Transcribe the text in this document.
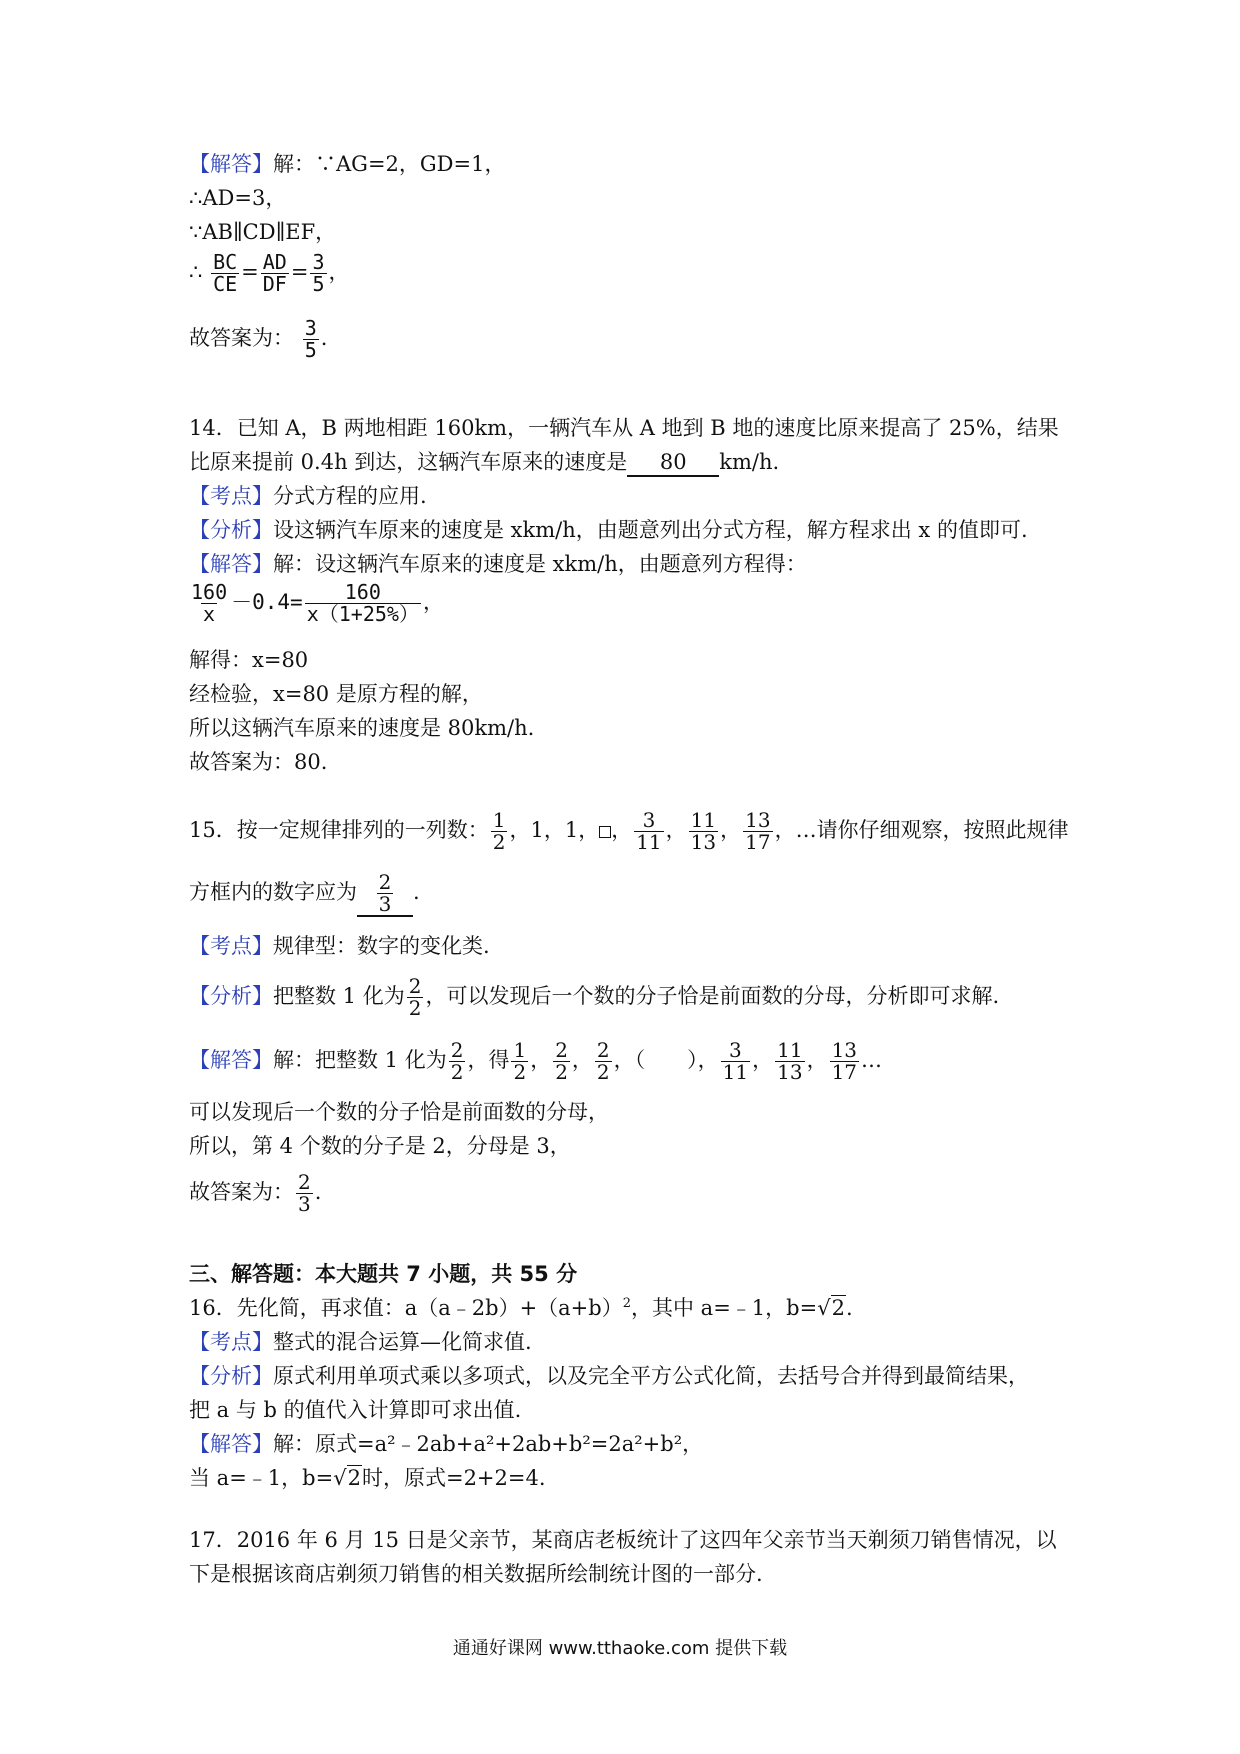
【解答】解：∵AG=2，GD=1，
∴AD=3，
∵AB∥CD∥EF，
∴ $\frac{BC}{CE} = \frac{AD}{DF} = \frac{3}{5}$ ，
故答案为： $\frac{3}{5}$ .
14．已知 A，B 两地相距 160km，一辆汽车从 A 地到 B 地的速度比原来提高了 25%，结果
比原来提前 0.4h 到达，这辆汽车原来的速度是 80 km/h.
【考点】分式方程的应用.
【分析】设这辆汽车原来的速度是 xkm/h，由题意列出分式方程，解方程求出 x 的值即可.
【解答】解：设这辆汽车原来的速度是 xkm/h，由题意列方程得：
$\frac{160}{x} -0.4= \frac{160}{x(1+25\%)}$ ，
解得：x=80
经检验，x=80 是原方程的解，
所以这辆汽车原来的速度是 80km/h.
故答案为：80.
15．按一定规律排列的一列数： $\frac{1}{2}$ ，1，1， ， $\frac{3}{11}$ ， $\frac{11}{13}$ ， $\frac{13}{17}$ ，…请你仔细观察，按照此规律
方框内的数字应为 $\frac{2}{3}$ .
【考点】规律型：数字的变化类.
【分析】把整数 1 化为 $\frac{2}{2}$ ，可以发现后一个数的分子恰是前面数的分母，分析即可求解.
【解答】解：把整数 1 化为 $\frac{2}{2}$ ，得 $\frac{1}{2}$ ， $\frac{2}{2}$ ， $\frac{2}{2}$ ，（　　）， $\frac{3}{11}$ ， $\frac{11}{13}$ ， $\frac{13}{17}$ …
可以发现后一个数的分子恰是前面数的分母，
所以，第 4 个数的分子是 2，分母是 3，
故答案为： $\frac{2}{3}$ .
三、解答题：本大题共 7 小题，共 55 分
16．先化简，再求值：$a(a﹣2b)+(a+b)^2$，其中 a=﹣1，b=√2.
【考点】整式的混合运算—化简求值.
【分析】原式利用单项式乘以多项式，以及完全平方公式化简，去括号合并得到最简结果，
把 a 与 b 的值代入计算即可求出值.
【解答】解：原式=a²﹣2ab+a²+2ab+b²=2a²+b²，
当 a=﹣1，b=√2时，原式=2+2=4.
17．2016 年 6 月 15 日是父亲节，某商店老板统计了这四年父亲节当天剃须刀销售情况，以
下是根据该商店剃须刀销售的相关数据所绘制统计图的一部分.
通通好课网 www.tthaoke.com 提供下载
